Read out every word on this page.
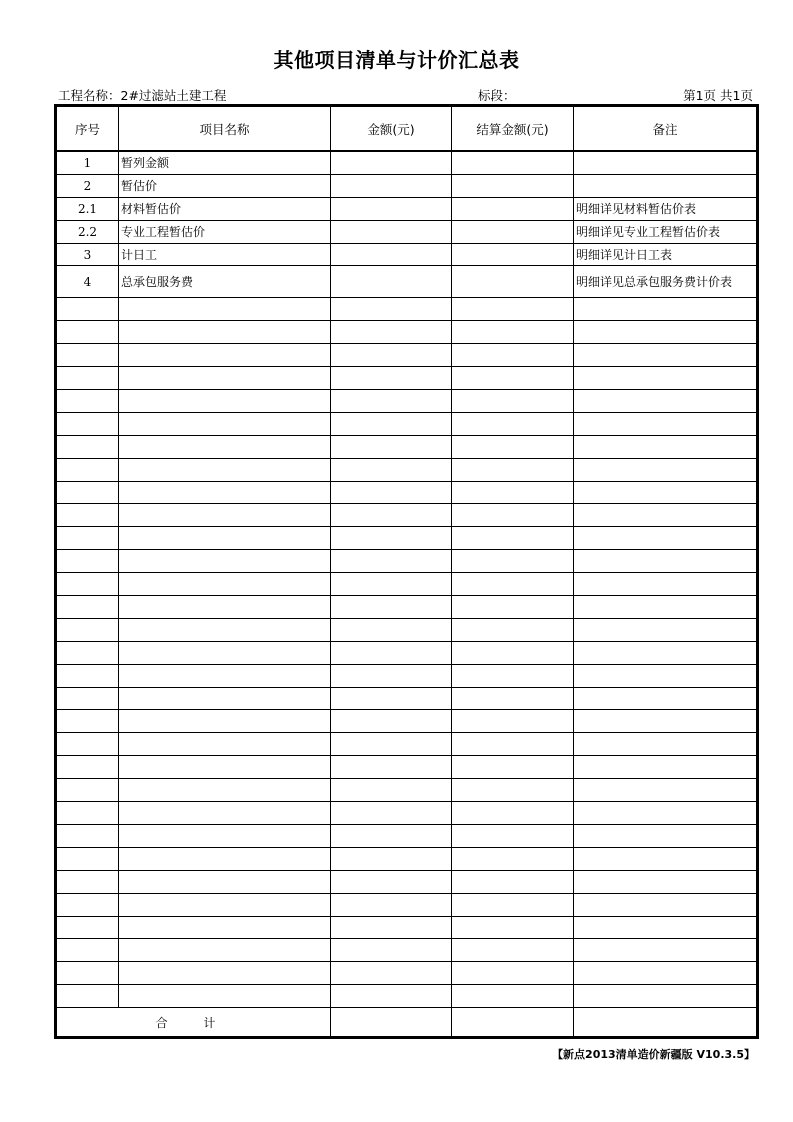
其他项目清单与计价汇总表
工程名称：2#过滤站土建工程	标段：	第1页 共1页
序号	项目名称	金额(元)	结算金额(元)	备注
1	暂列金额			
2	暂估价			
2.1	材料暂估价			明细详见材料暂估价表
2.2	专业工程暂估价			明细详见专业工程暂估价表
3	计日工			明细详见计日工表
4	总承包服务费			明细详见总承包服务费计价表

合 计				
【新点2013清单造价新疆版 V10.3.5】
